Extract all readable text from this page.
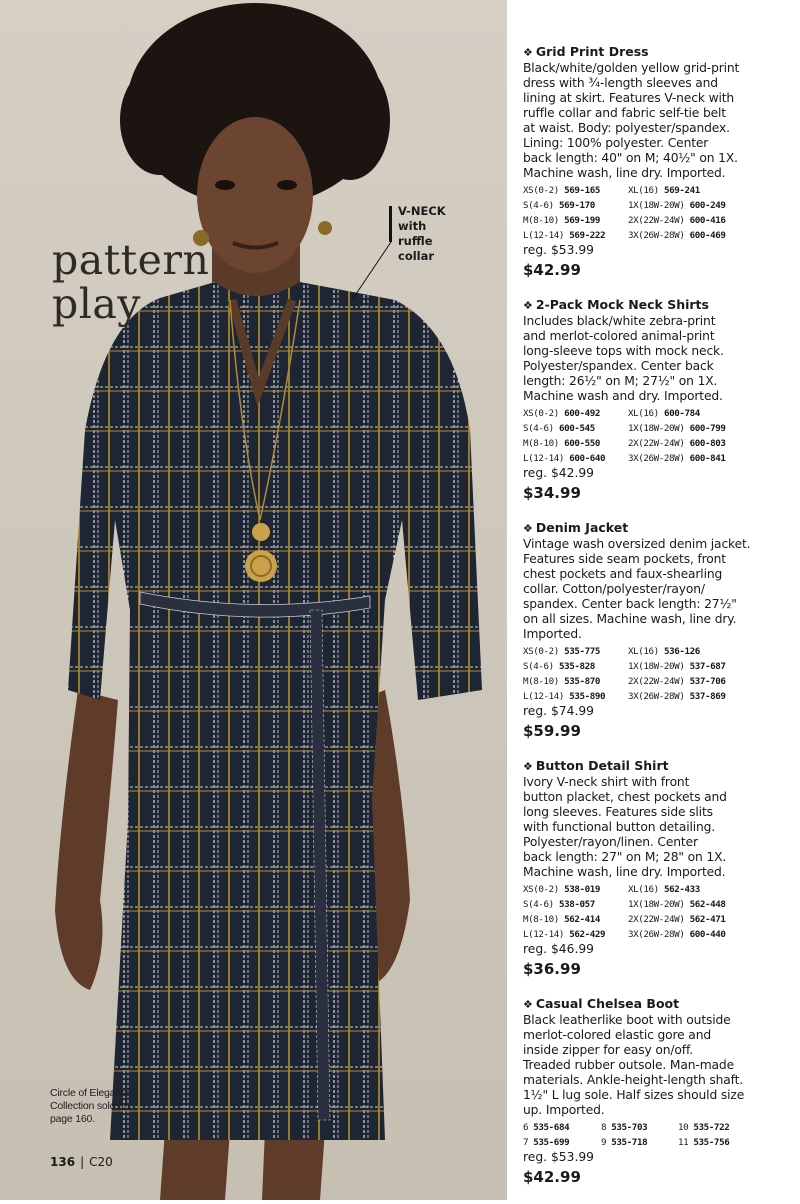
pattern
play
V-NECK
with
ruffle
collar
Circle of Elegance
Collection sold on
page 160.
136 | C20
❖ Grid Print Dress
Black/white/golden yellow grid-print
dress with ¾-length sleeves and
lining at skirt. Features V-neck with
ruffle collar and fabric self-tie belt
at waist. Body: polyester/spandex.
Lining: 100% polyester. Center
back length: 40" on M; 40½" on 1X.
Machine wash, line dry. Imported.
XS(0-2) 569-165	XL(16) 569-241
S(4-6) 569-170	1X(18W-20W) 600-249
M(8-10) 569-199	2X(22W-24W) 600-416
L(12-14) 569-222	3X(26W-28W) 600-469
reg. $53.99
$42.99
❖ 2-Pack Mock Neck Shirts
Includes black/white zebra-print
and merlot-colored animal-print
long-sleeve tops with mock neck.
Polyester/spandex. Center back
length: 26½" on M; 27½" on 1X.
Machine wash and dry. Imported.
XS(0-2) 600-492	XL(16) 600-784
S(4-6) 600-545	1X(18W-20W) 600-799
M(8-10) 600-550	2X(22W-24W) 600-803
L(12-14) 600-640	3X(26W-28W) 600-841
reg. $42.99
$34.99
❖ Denim Jacket
Vintage wash oversized denim jacket.
Features side seam pockets, front
chest pockets and faux-shearling
collar. Cotton/polyester/rayon/
spandex. Center back length: 27½"
on all sizes. Machine wash, line dry.
Imported.
XS(0-2) 535-775	XL(16) 536-126
S(4-6) 535-828	1X(18W-20W) 537-687
M(8-10) 535-870	2X(22W-24W) 537-706
L(12-14) 535-890	3X(26W-28W) 537-869
reg. $74.99
$59.99
❖ Button Detail Shirt
Ivory V-neck shirt with front
button placket, chest pockets and
long sleeves. Features side slits
with functional button detailing.
Polyester/rayon/linen. Center
back length: 27" on M; 28" on 1X.
Machine wash, line dry. Imported.
XS(0-2) 538-019	XL(16) 562-433
S(4-6) 538-057	1X(18W-20W) 562-448
M(8-10) 562-414	2X(22W-24W) 562-471
L(12-14) 562-429	3X(26W-28W) 600-440
reg. $46.99
$36.99
❖ Casual Chelsea Boot
Black leatherlike boot with outside
merlot-colored elastic gore and
inside zipper for easy on/off.
Treaded rubber outsole. Man-made
materials. Ankle-height-length shaft.
1½" L lug sole. Half sizes should size
up. Imported.
6 535-684	8 535-703	10 535-722
7 535-699	9 535-718	11 535-756
reg. $53.99
$42.99
